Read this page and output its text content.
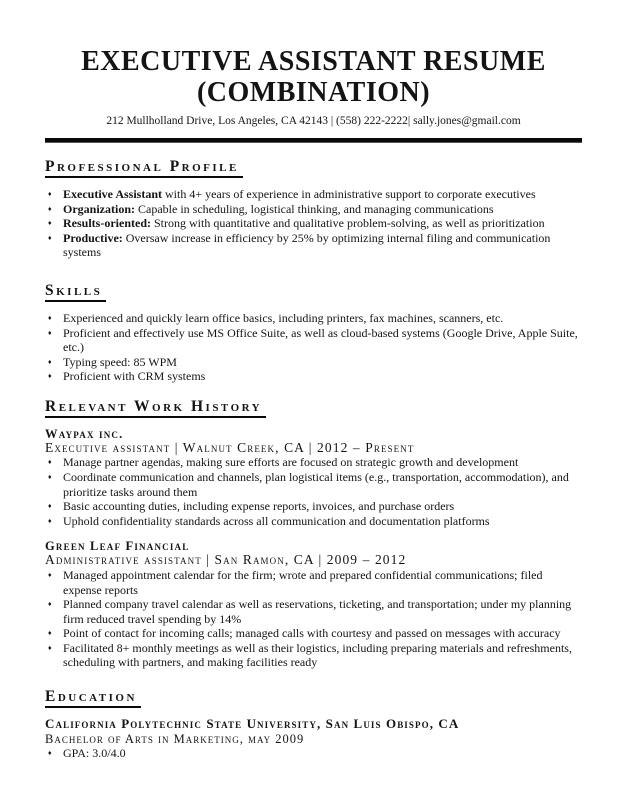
EXECUTIVE ASSISTANT RESUME
(COMBINATION)
212 Mullholland Drive, Los Angeles, CA 42143 | (558) 222-2222| sally.jones@gmail.com
Professional Profile
♦ Executive Assistant with 4+ years of experience in administrative support to corporate executives
♦ Organization: Capable in scheduling, logistical thinking, and managing communications
♦ Results-oriented: Strong with quantitative and qualitative problem-solving, as well as prioritization
♦ Productive: Oversaw increase in efficiency by 25% by optimizing internal filing and communication systems
Skills
♦ Experienced and quickly learn office basics, including printers, fax machines, scanners, etc.
♦ Proficient and effectively use MS Office Suite, as well as cloud-based systems (Google Drive, Apple Suite, etc.)
♦ Typing speed: 85 WPM
♦ Proficient with CRM systems
Relevant Work History
Waypax inc.
Executive assistant | Walnut Creek, CA | 2012 – Present
♦ Manage partner agendas, making sure efforts are focused on strategic growth and development
♦ Coordinate communication and channels, plan logistical items (e.g., transportation, accommodation), and prioritize tasks around them
♦ Basic accounting duties, including expense reports, invoices, and purchase orders
♦ Uphold confidentiality standards across all communication and documentation platforms
Green Leaf Financial
Administrative assistant | San Ramon, CA | 2009 – 2012
♦ Managed appointment calendar for the firm; wrote and prepared confidential communications; filed expense reports
♦ Planned company travel calendar as well as reservations, ticketing, and transportation; under my planning firm reduced travel spending by 14%
♦ Point of contact for incoming calls; managed calls with courtesy and passed on messages with accuracy
♦ Facilitated 8+ monthly meetings as well as their logistics, including preparing materials and refreshments, scheduling with partners, and making facilities ready
Education
California Polytechnic State University, San Luis Obispo, CA
Bachelor of Arts in Marketing, may 2009
♦ GPA: 3.0/4.0
